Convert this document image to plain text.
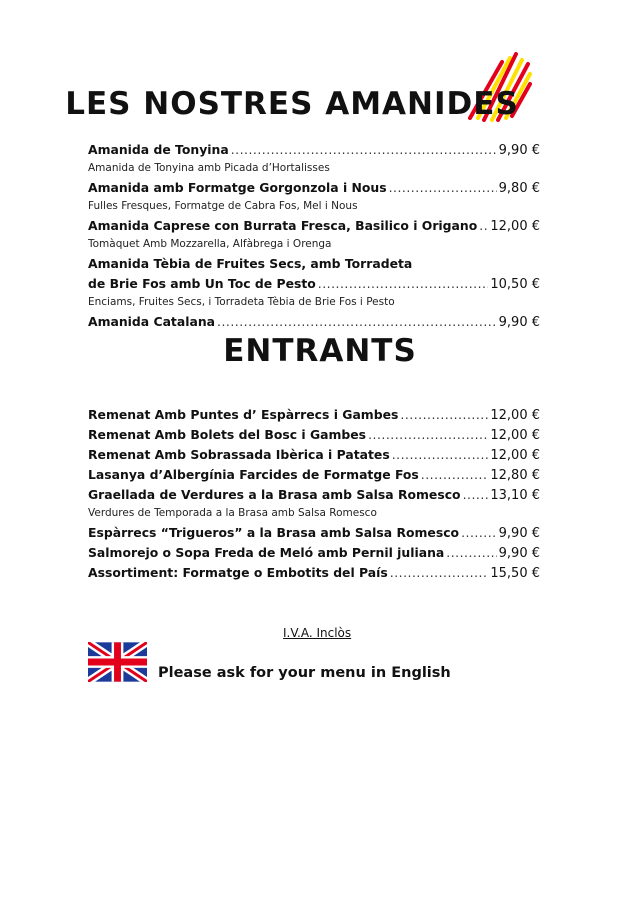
LES NOSTRES AMANIDES
Amanida de Tonyina .....	9,90 €
Amanida de Tonyina amb Picada d’Hortalisses
Amanida amb Formatge Gorgonzola i Nous .....	9,80 €
Fulles Fresques, Formatge de Cabra Fos, Mel i Nous
Amanida Caprese con Burrata Fresca, Basilico i Origano ..... 12,00 €
Tomàquet Amb Mozzarella, Alfàbrega i Orenga
Amanida Tèbia de Fruites Secs, amb Torradeta
de Brie Fos amb Un Toc de Pesto .....	10,50 €
Enciams, Fruites Secs, i Torradeta Tèbia de Brie Fos i Pesto
Amanida Catalana .....	9,90 €
ENTRANTS
Remenat Amb Puntes d’ Espàrrecs i Gambes .....	12,00 €
Remenat Amb Bolets del Bosc i Gambes .....	12,00 €
Remenat Amb Sobrassada Ibèrica i Patates .....	12,00 €
Lasanya d’Albergínia Farcides de Formatge Fos .....	12,80 €
Graellada de Verdures a la Brasa amb Salsa Romesco ..... 13,10 €
Verdures de Temporada a la Brasa amb Salsa Romesco
Espàrrecs “Trigueros” a la Brasa amb Salsa Romesco .....	9,90 €
Salmorejo o Sopa Freda de Meló amb Pernil juliana .....	9,90 €
Assortiment: Formatge o Embotits del País .....	15,50 €
I.V.A. Inclòs
Please ask for your menu in English
